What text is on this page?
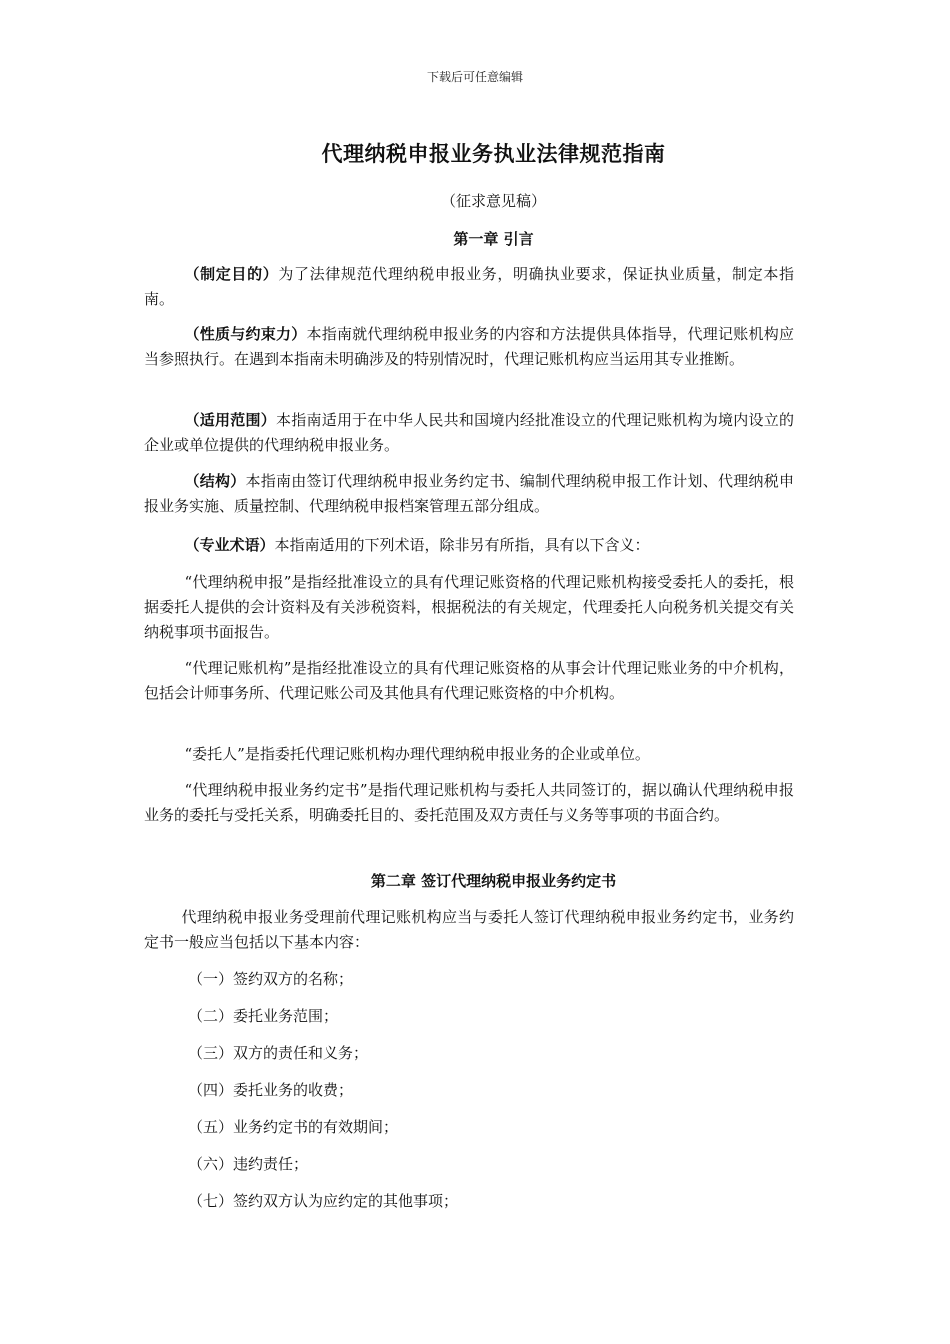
下载后可任意编辑
代理纳税申报业务执业法律规范指南
（征求意见稿）
第一章 引言
（制定目的）为了法律规范代理纳税申报业务，明确执业要求，保证执业质量，制定本指南。
（性质与约束力）本指南就代理纳税申报业务的内容和方法提供具体指导，代理记账机构应当参照执行。在遇到本指南未明确涉及的特别情况时，代理记账机构应当运用其专业推断。
（适用范围）本指南适用于在中华人民共和国境内经批准设立的代理记账机构为境内设立的企业或单位提供的代理纳税申报业务。
（结构）本指南由签订代理纳税申报业务约定书、编制代理纳税申报工作计划、代理纳税申报业务实施、质量控制、代理纳税申报档案管理五部分组成。
（专业术语）本指南适用的下列术语，除非另有所指，具有以下含义：
“代理纳税申报”是指经批准设立的具有代理记账资格的代理记账机构接受委托人的委托，根据委托人提供的会计资料及有关涉税资料，根据税法的有关规定，代理委托人向税务机关提交有关纳税事项书面报告。
“代理记账机构”是指经批准设立的具有代理记账资格的从事会计代理记账业务的中介机构，包括会计师事务所、代理记账公司及其他具有代理记账资格的中介机构。
“委托人”是指委托代理记账机构办理代理纳税申报业务的企业或单位。
“代理纳税申报业务约定书”是指代理记账机构与委托人共同签订的，据以确认代理纳税申报业务的委托与受托关系，明确委托目的、委托范围及双方责任与义务等事项的书面合约。
第二章 签订代理纳税申报业务约定书
代理纳税申报业务受理前代理记账机构应当与委托人签订代理纳税申报业务约定书，业务约定书一般应当包括以下基本内容：
（一）签约双方的名称；
（二）委托业务范围；
（三）双方的责任和义务；
（四）委托业务的收费；
（五）业务约定书的有效期间；
（六）违约责任；
（七）签约双方认为应约定的其他事项；
